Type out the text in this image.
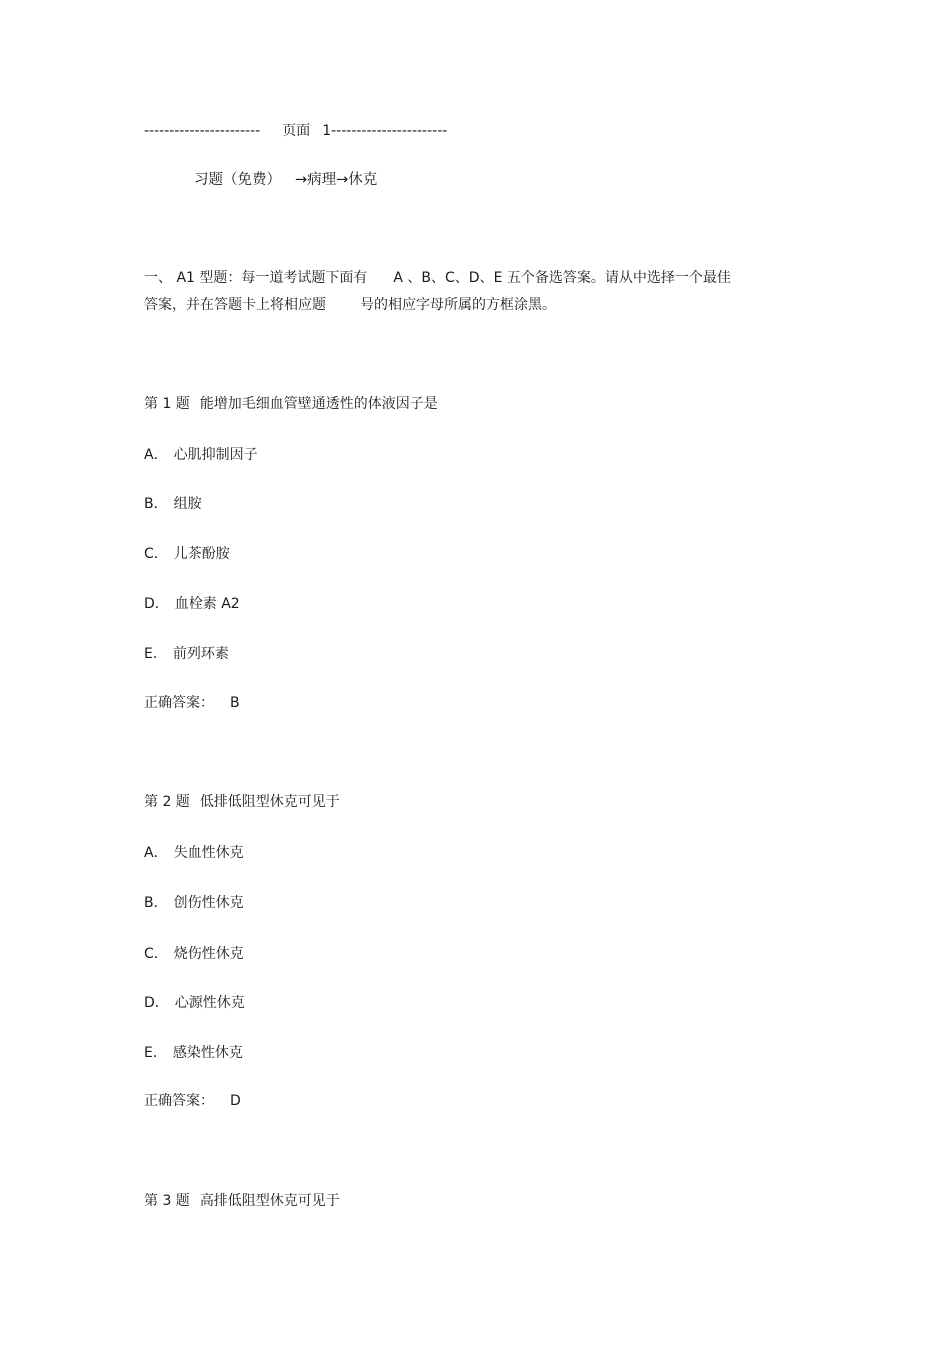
----------------------- 页面 1-----------------------
习题（免费） →病理→休克
一、 A1 型题：每一道考试题下面有 A 、B、C、D、E 五个备选答案。请从中选择一个最佳
答案，并在答题卡上将相应题 号的相应字母所属的方框涂黑。
第 1 题 能增加毛细血管壁通透性的体液因子是
A． 心肌抑制因子
B． 组胺
C． 儿茶酚胺
D． 血栓素 A2
E． 前列环素
正确答案： B
第 2 题 低排低阻型休克可见于
A． 失血性休克
B． 创伤性休克
C． 烧伤性休克
D． 心源性休克
E． 感染性休克
正确答案： D
第 3 题 高排低阻型休克可见于
